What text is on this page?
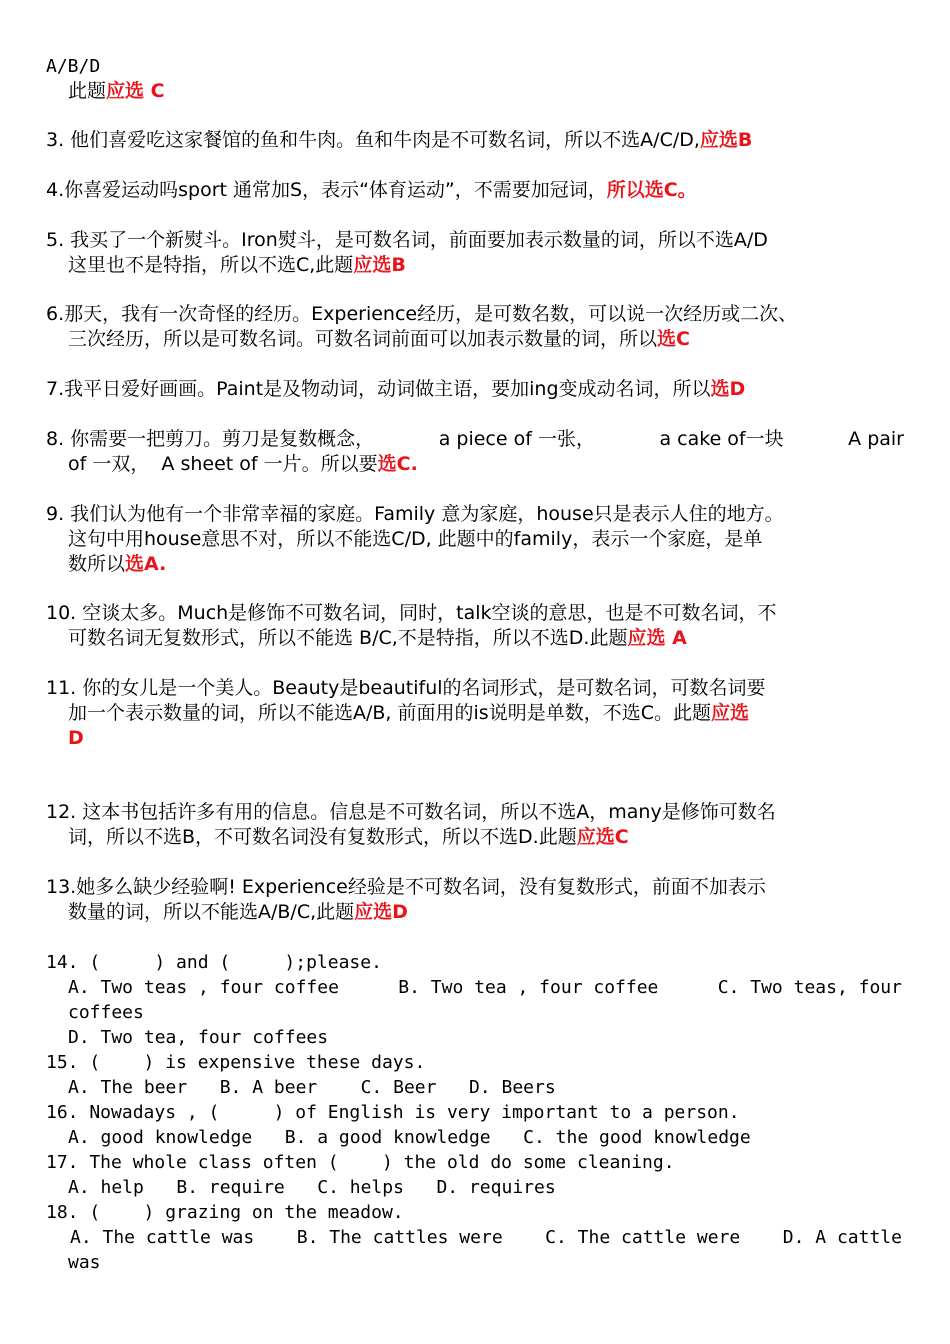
A/B/D
此题应选 C
3. 他们喜爱吃这家餐馆的鱼和牛肉。鱼和牛肉是不可数名词，所以不选A/C/D,应选B
4.你喜爱运动吗sport 通常加S，表示“体育运动”，不需要加冠词，所以选C。
5. 我买了一个新熨斗。Iron熨斗，是可数名词，前面要加表示数量的词，所以不选A/D
这里也不是特指，所以不选C,此题应选B
6.那天，我有一次奇怪的经历。Experience经历，是可数名数，可以说一次经历或二次、
三次经历，所以是可数名词。可数名词前面可以加表示数量的词，所以选C
7.我平日爱好画画。Paint是及物动词，动词做主语，要加ing变成动名词，所以选D
8. 你需要一把剪刀。剪刀是复数概念，	a piece of 一张，	a cake of一块	A pair
of 一双，  A sheet of 一片。所以要选C.
9. 我们认为他有一个非常幸福的家庭。Family 意为家庭，house只是表示人住的地方。
这句中用house意思不对，所以不能选C/D, 此题中的family，表示一个家庭，是单
数所以选A.
10. 空谈太多。Much是修饰不可数名词，同时，talk空谈的意思，也是不可数名词，不
可数名词无复数形式，所以不能选 B/C,不是特指，所以不选D.此题应选 A
11. 你的女儿是一个美人。Beauty是beautiful的名词形式，是可数名词，可数名词要
加一个表示数量的词，所以不能选A/B, 前面用的is说明是单数，不选C。此题应选
D
12. 这本书包括许多有用的信息。信息是不可数名词，所以不选A，many是修饰可数名
词，所以不选B，不可数名词没有复数形式，所以不选D.此题应选C
13.她多么缺少经验啊! Experience经验是不可数名词，没有复数形式，前面不加表示
数量的词，所以不能选A/B/C,此题应选D
14. (     ) and (     );please.
A. Two teas , four coffee	B. Two tea , four coffee	C. Two teas, four
coffees
D. Two tea, four coffees
15. (    ) is expensive these days.
A. The beer   B. A beer    C. Beer   D. Beers
16. Nowadays , (     ) of English is very important to a person.
A. good knowledge   B. a good knowledge   C. the good knowledge
17. The whole class often (    ) the old do some cleaning.
A. help   B. require   C. helps   D. requires
18. (    ) grazing on the meadow.
A. The cattle was B. The cattles were C. The cattle were D. A cattle
was
